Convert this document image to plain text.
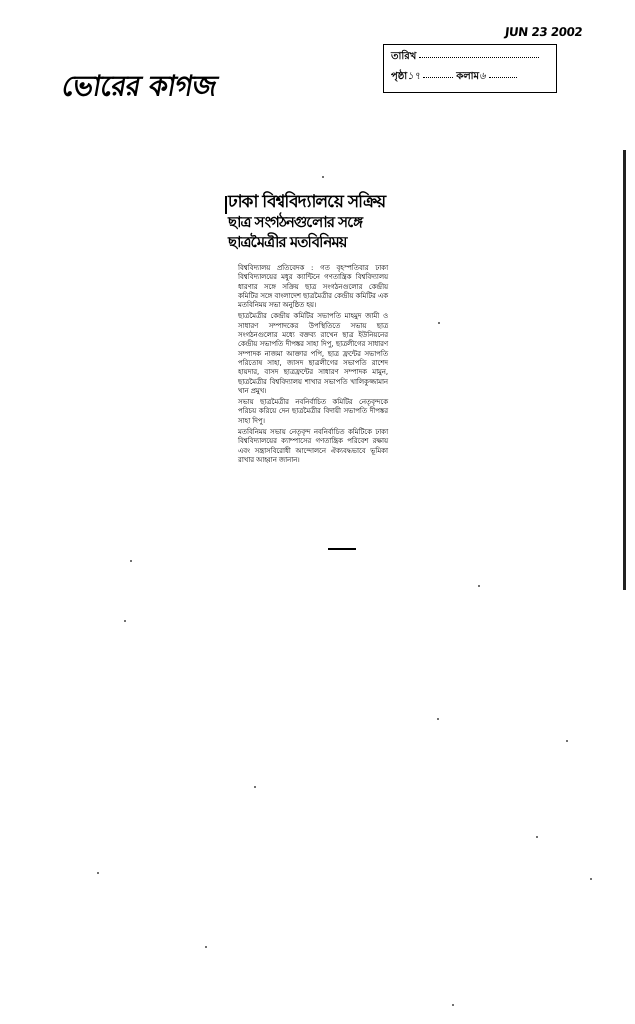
JUN 23 2002
ভোরের কাগজ
তারিখ
পৃষ্ঠা১৭	কলাম৬
ঢাকা বিশ্ববিদ্যালয়ে সক্রিয়
ছাত্র সংগঠনগুলোর সঙ্গে
ছাত্রমৈত্রীর মতবিনিময়

বিশ্ববিদ্যালয় প্রতিবেদক : গত বৃহস্পতিবার ঢাকা বিশ্ববিদ্যালয়ের মধুর ক্যান্টিনে গণতান্ত্রিক বিশ্ববিদ্যালয় ধারণার সঙ্গে সক্রিয় ছাত্র সংগঠনগুলোর কেন্দ্রীয় কমিটির সঙ্গে বাংলাদেশ ছাত্রমৈত্রীর কেন্দ্রীয় কমিটির এক মতবিনিময় সভা অনুষ্ঠিত হয়।

ছাত্রমৈত্রীর কেন্দ্রীয় কমিটির সভাপতি মাহমুদ জামী ও সাধারণ সম্পাদকের উপস্থিতিতে সভায় ছাত্র সংগঠনগুলোর মধ্যে বক্তব্য রাখেন ছাত্র ইউনিয়নের কেন্দ্রীয় সভাপতি দীপঙ্কর সাহা দিপু, ছাত্রলীগের সাধারণ সম্পাদক নাজমা আক্তার পপি, ছাত্র ফ্রন্টের সভাপতি পরিতোষ সাহা, জাসদ ছাত্রলীগের সভাপতি রাশেদ হায়দার, বাসদ ছাত্রফ্রন্টের সাধারণ সম্পাদক মামুন, ছাত্রমৈত্রীর বিশ্ববিদ্যালয় শাখার সভাপতি খালিকুজ্জামান খান প্রমুখ।

সভায় ছাত্রমৈত্রীর নবনির্বাচিত কমিটির নেতৃবৃন্দকে পরিচয় করিয়ে দেন ছাত্রমৈত্রীর বিদায়ী সভাপতি দীপঙ্কর সাহা দিপু।

মতবিনিময় সভায় নেতৃবৃন্দ নবনির্বাচিত কমিটিকে ঢাকা বিশ্ববিদ্যালয়ের ক্যাম্পাসের গণতান্ত্রিক পরিবেশ রক্ষায় এবং সন্ত্রাসবিরোধী আন্দোলনে ঐক্যবদ্ধভাবে ভূমিকা রাখার আহ্বান জানান।
